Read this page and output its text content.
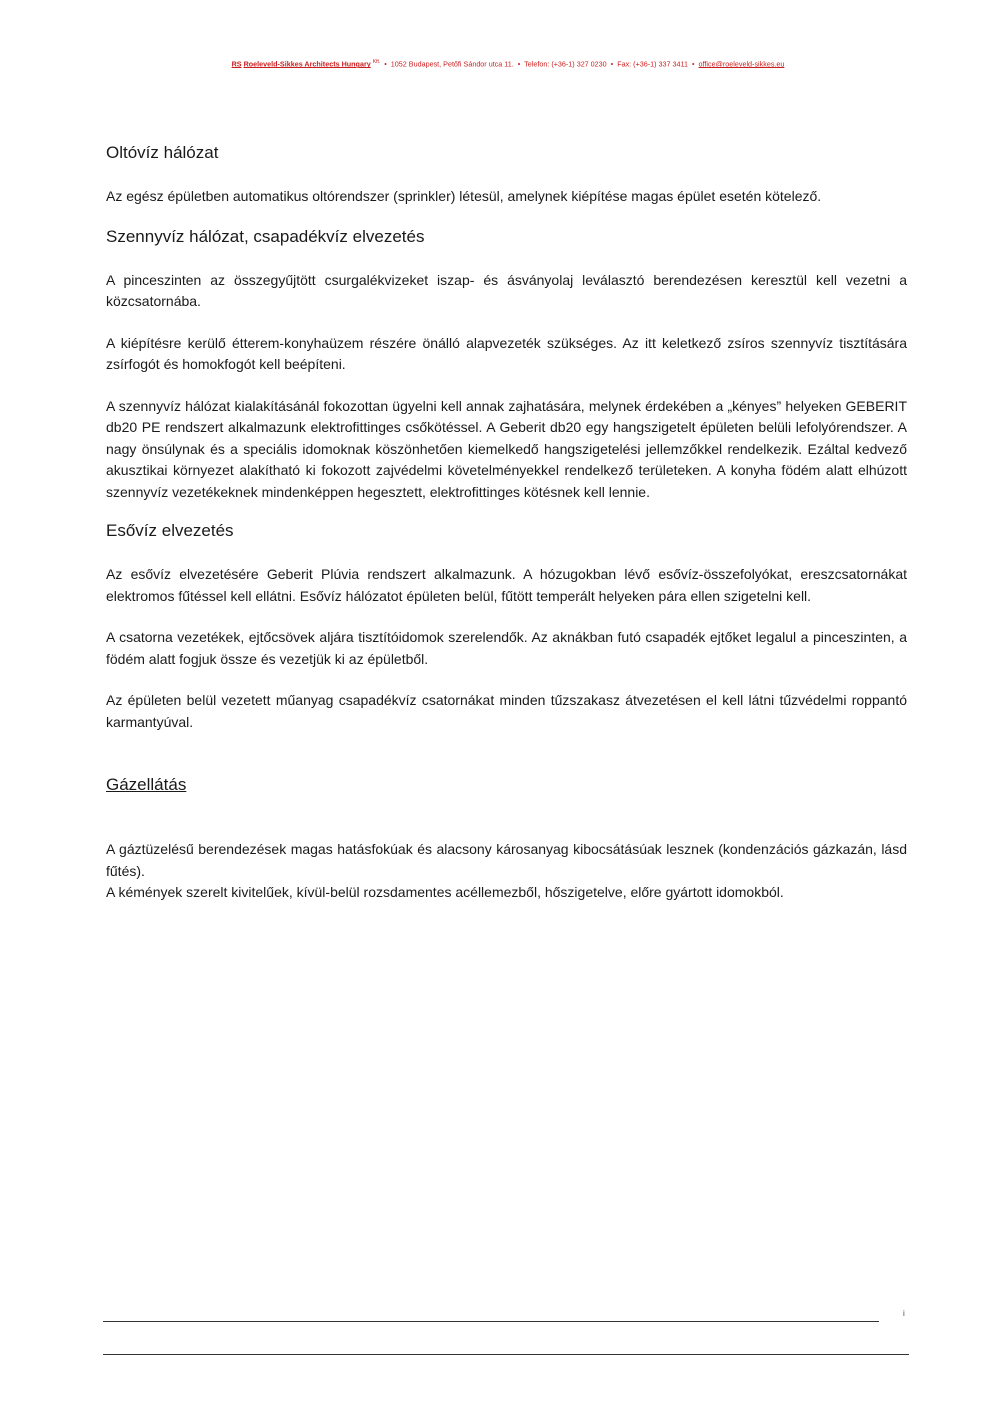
RS Roeleveld-Sikkes Architects Hungary $^{Kft.}$ • 1052 Budapest, Petőfi Sándor utca 11. • Telefon: (+36-1) 327 0230 • Fax: (+36-1) 337 3411 • office@roeleveld-sikkes.eu
Oltóvíz hálózat

Az egész épületben automatikus oltórendszer (sprinkler) létesül, amelynek kiépítése magas épület esetén kötelező.

Szennyvíz hálózat, csapadékvíz elvezetés

A pinceszinten az összegyűjtött csurgalékvizeket iszap- és ásványolaj leválasztó berendezésen keresztül kell vezetni a közcsatornába.

A kiépítésre kerülő étterem-konyhaüzem részére önálló alapvezeték szükséges. Az itt keletkező zsíros szennyvíz tisztítására zsírfogót és homokfogót kell beépíteni.

A szennyvíz hálózat kialakításánál fokozottan ügyelni kell annak zajhatására, melynek érdekében a „kényes” helyeken GEBERIT db20 PE rendszert alkalmazunk elektrofittinges csőkötéssel. A Geberit db20 egy hangszigetelt épületen belüli lefolyórendszer. A nagy önsúlynak és a speciális idomoknak köszönhetően kiemelkedő hangszigetelési jellemzőkkel rendelkezik. Ezáltal kedvező akusztikai környezet alakítható ki fokozott zajvédelmi követelményekkel rendelkező területeken. A konyha födém alatt elhúzott szennyvíz vezetékeknek mindenképpen hegesztett, elektrofittinges kötésnek kell lennie.

Esővíz elvezetés

Az esővíz elvezetésére Geberit Plúvia rendszert alkalmazunk. A hózugokban lévő esővíz-összefolyókat, ereszcsatornákat elektromos fűtéssel kell ellátni. Esővíz hálózatot épületen belül, fűtött temperált helyeken pára ellen szigetelni kell.

A csatorna vezetékek, ejtőcsövek aljára tisztítóidomok szerelendők. Az aknákban futó csapadék ejtőket legalul a pinceszinten, a födém alatt fogjuk össze és vezetjük ki az épületből.

Az épületen belül vezetett műanyag csapadékvíz csatornákat minden tűzszakasz átvezetésen el kell látni tűzvédelmi roppantó karmantyúval.

Gázellátás

A gáztüzelésű berendezések magas hatásfokúak és alacsony károsanyag kibocsátásúak lesznek (kondenzációs gázkazán, lásd fűtés).

A kémények szerelt kivitelűek, kívül-belül rozsdamentes acéllemezből, hőszigetelve, előre gyártott idomokból.

i
